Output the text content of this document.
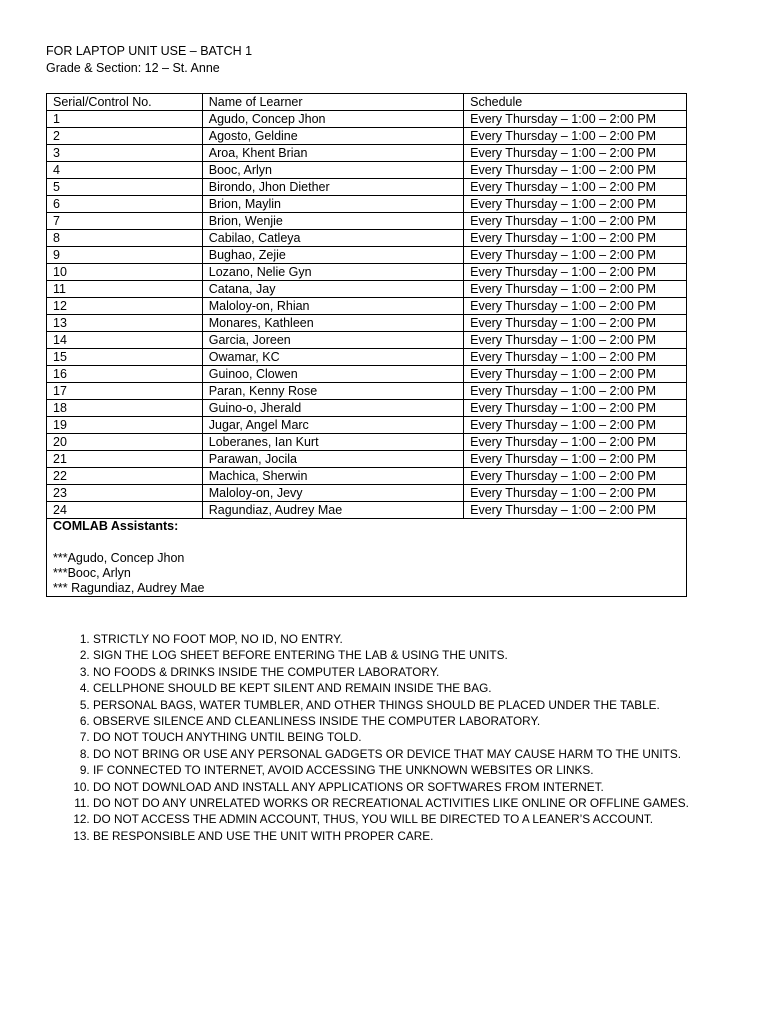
FOR LAPTOP UNIT USE – BATCH 1
Grade & Section: 12 – St. Anne
Serial/Control No.	Name of Learner	Schedule
1	Agudo, Concep Jhon	Every Thursday – 1:00 – 2:00 PM
2	Agosto, Geldine	Every Thursday – 1:00 – 2:00 PM
3	Aroa, Khent Brian	Every Thursday – 1:00 – 2:00 PM
4	Booc, Arlyn	Every Thursday – 1:00 – 2:00 PM
5	Birondo, Jhon Diether	Every Thursday – 1:00 – 2:00 PM
6	Brion, Maylin	Every Thursday – 1:00 – 2:00 PM
7	Brion, Wenjie	Every Thursday – 1:00 – 2:00 PM
8	Cabilao, Catleya	Every Thursday – 1:00 – 2:00 PM
9	Bughao, Zejie	Every Thursday – 1:00 – 2:00 PM
10	Lozano, Nelie Gyn	Every Thursday – 1:00 – 2:00 PM
11	Catana, Jay	Every Thursday – 1:00 – 2:00 PM
12	Maloloy-on, Rhian	Every Thursday – 1:00 – 2:00 PM
13	Monares, Kathleen	Every Thursday – 1:00 – 2:00 PM
14	Garcia, Joreen	Every Thursday – 1:00 – 2:00 PM
15	Owamar, KC	Every Thursday – 1:00 – 2:00 PM
16	Guinoo, Clowen	Every Thursday – 1:00 – 2:00 PM
17	Paran, Kenny Rose	Every Thursday – 1:00 – 2:00 PM
18	Guino-o, Jherald	Every Thursday – 1:00 – 2:00 PM
19	Jugar, Angel Marc	Every Thursday – 1:00 – 2:00 PM
20	Loberanes, Ian Kurt	Every Thursday – 1:00 – 2:00 PM
21	Parawan, Jocila	Every Thursday – 1:00 – 2:00 PM
22	Machica, Sherwin	Every Thursday – 1:00 – 2:00 PM
23	Maloloy-on, Jevy	Every Thursday – 1:00 – 2:00 PM
24	Ragundiaz, Audrey Mae	Every Thursday – 1:00 – 2:00 PM

COMLAB Assistants:
***Agudo, Concep Jhon
***Booc, Arlyn
*** Ragundiaz, Audrey Mae		
1. STRICTLY NO FOOT MOP, NO ID, NO ENTRY.
2. SIGN THE LOG SHEET BEFORE ENTERING THE LAB & USING THE UNITS.
3. NO FOODS & DRINKS INSIDE THE COMPUTER LABORATORY.
4. CELLPHONE SHOULD BE KEPT SILENT AND REMAIN INSIDE THE BAG.
5. PERSONAL BAGS, WATER TUMBLER, AND OTHER THINGS SHOULD BE PLACED UNDER THE TABLE.
6. OBSERVE SILENCE AND CLEANLINESS INSIDE THE COMPUTER LABORATORY.
7. DO NOT TOUCH ANYTHING UNTIL BEING TOLD.
8. DO NOT BRING OR USE ANY PERSONAL GADGETS OR DEVICE THAT MAY CAUSE HARM TO THE UNITS.
9. IF CONNECTED TO INTERNET, AVOID ACCESSING THE UNKNOWN WEBSITES OR LINKS.
10. DO NOT DOWNLOAD AND INSTALL ANY APPLICATIONS OR SOFTWARES FROM INTERNET.
11. DO NOT DO ANY UNRELATED WORKS OR RECREATIONAL ACTIVITIES LIKE ONLINE OR OFFLINE GAMES.
12. DO NOT ACCESS THE ADMIN ACCOUNT, THUS, YOU WILL BE DIRECTED TO A LEANER’S ACCOUNT.
13. BE RESPONSIBLE AND USE THE UNIT WITH PROPER CARE.
